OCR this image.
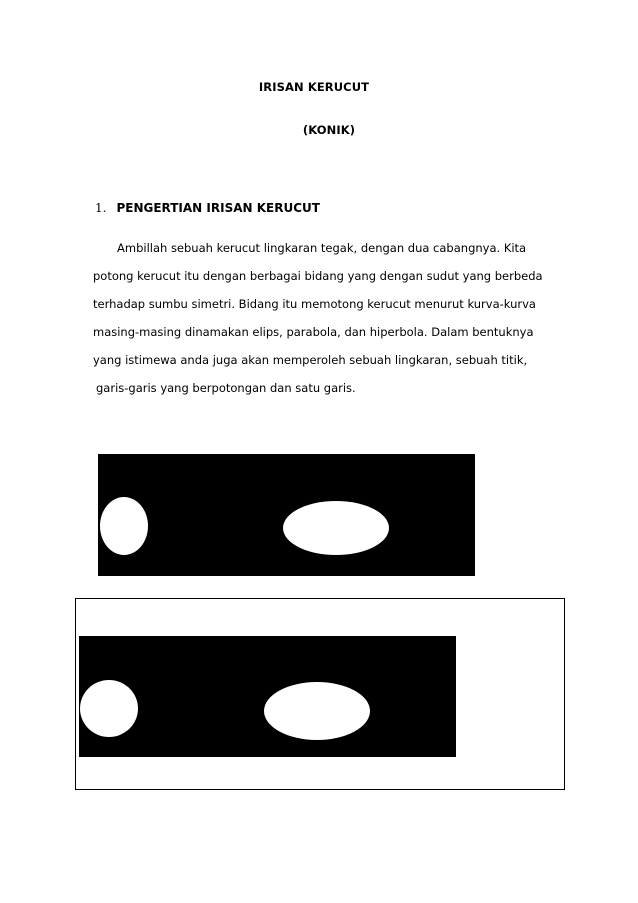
IRISAN KERUCUT
(KONIK)
1. PENGERTIAN IRISAN KERUCUT
Ambillah sebuah kerucut lingkaran tegak, dengan dua cabangnya. Kita
potong kerucut itu dengan berbagai bidang yang dengan sudut yang berbeda
terhadap sumbu simetri. Bidang itu memotong kerucut menurut kurva-kurva
masing-masing dinamakan elips, parabola, dan hiperbola. Dalam bentuknya
yang istimewa anda juga akan memperoleh sebuah lingkaran, sebuah titik,
garis-garis yang berpotongan dan satu garis.
